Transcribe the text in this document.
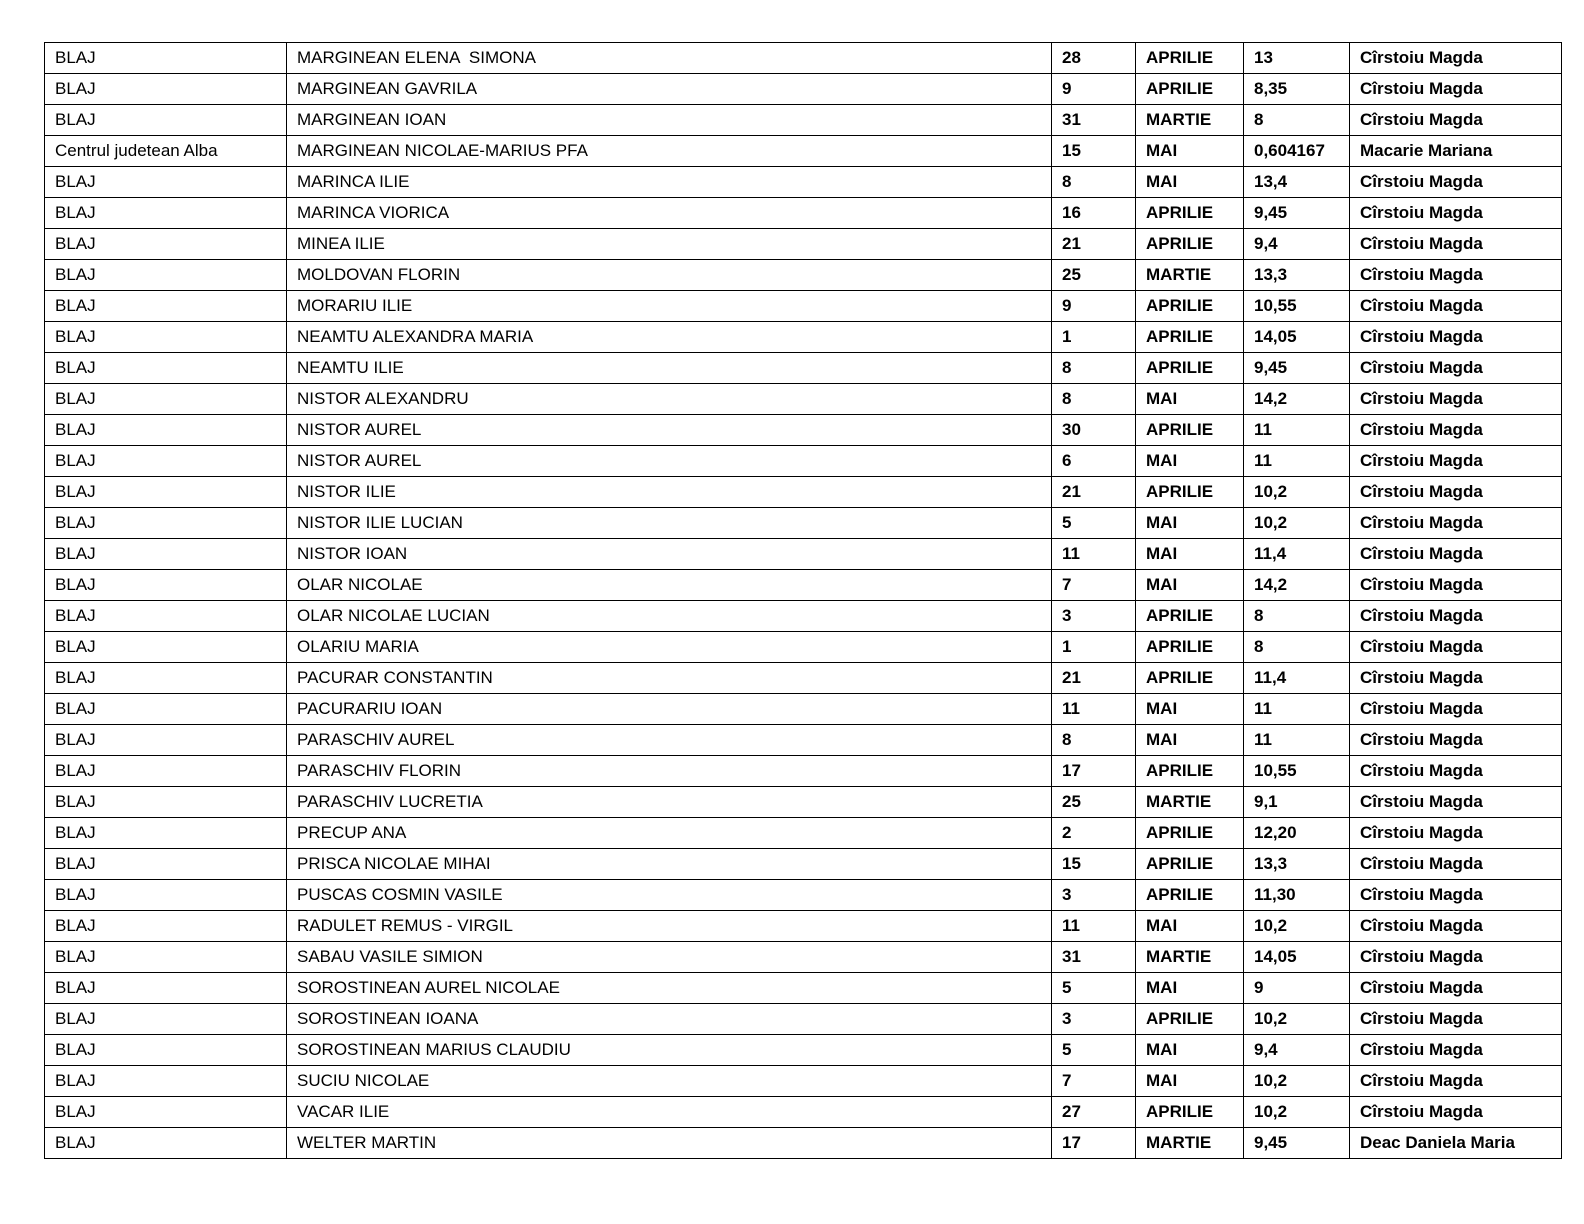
BLAJ	MARGINEAN ELENA  SIMONA	28	APRILIE	13	Cîrstoiu Magda
BLAJ	MARGINEAN GAVRILA	9	APRILIE	8,35	Cîrstoiu Magda
BLAJ	MARGINEAN IOAN	31	MARTIE	8	Cîrstoiu Magda
Centrul judetean Alba	MARGINEAN NICOLAE-MARIUS PFA	15	MAI	0,604167	Macarie Mariana
BLAJ	MARINCA ILIE	8	MAI	13,4	Cîrstoiu Magda
BLAJ	MARINCA VIORICA	16	APRILIE	9,45	Cîrstoiu Magda
BLAJ	MINEA ILIE	21	APRILIE	9,4	Cîrstoiu Magda
BLAJ	MOLDOVAN FLORIN	25	MARTIE	13,3	Cîrstoiu Magda
BLAJ	MORARIU ILIE	9	APRILIE	10,55	Cîrstoiu Magda
BLAJ	NEAMTU ALEXANDRA MARIA	1	APRILIE	14,05	Cîrstoiu Magda
BLAJ	NEAMTU ILIE	8	APRILIE	9,45	Cîrstoiu Magda
BLAJ	NISTOR ALEXANDRU	8	MAI	14,2	Cîrstoiu Magda
BLAJ	NISTOR AUREL	30	APRILIE	11	Cîrstoiu Magda
BLAJ	NISTOR AUREL	6	MAI	11	Cîrstoiu Magda
BLAJ	NISTOR ILIE	21	APRILIE	10,2	Cîrstoiu Magda
BLAJ	NISTOR ILIE LUCIAN	5	MAI	10,2	Cîrstoiu Magda
BLAJ	NISTOR IOAN	11	MAI	11,4	Cîrstoiu Magda
BLAJ	OLAR NICOLAE	7	MAI	14,2	Cîrstoiu Magda
BLAJ	OLAR NICOLAE LUCIAN	3	APRILIE	8	Cîrstoiu Magda
BLAJ	OLARIU MARIA	1	APRILIE	8	Cîrstoiu Magda
BLAJ	PACURAR CONSTANTIN	21	APRILIE	11,4	Cîrstoiu Magda
BLAJ	PACURARIU IOAN	11	MAI	11	Cîrstoiu Magda
BLAJ	PARASCHIV AUREL	8	MAI	11	Cîrstoiu Magda
BLAJ	PARASCHIV FLORIN	17	APRILIE	10,55	Cîrstoiu Magda
BLAJ	PARASCHIV LUCRETIA	25	MARTIE	9,1	Cîrstoiu Magda
BLAJ	PRECUP ANA	2	APRILIE	12,20	Cîrstoiu Magda
BLAJ	PRISCA NICOLAE MIHAI	15	APRILIE	13,3	Cîrstoiu Magda
BLAJ	PUSCAS COSMIN VASILE	3	APRILIE	11,30	Cîrstoiu Magda
BLAJ	RADULET REMUS - VIRGIL	11	MAI	10,2	Cîrstoiu Magda
BLAJ	SABAU VASILE SIMION	31	MARTIE	14,05	Cîrstoiu Magda
BLAJ	SOROSTINEAN AUREL NICOLAE	5	MAI	9	Cîrstoiu Magda
BLAJ	SOROSTINEAN IOANA	3	APRILIE	10,2	Cîrstoiu Magda
BLAJ	SOROSTINEAN MARIUS CLAUDIU	5	MAI	9,4	Cîrstoiu Magda
BLAJ	SUCIU NICOLAE	7	MAI	10,2	Cîrstoiu Magda
BLAJ	VACAR ILIE	27	APRILIE	10,2	Cîrstoiu Magda
BLAJ	WELTER MARTIN	17	MARTIE	9,45	Deac Daniela Maria
